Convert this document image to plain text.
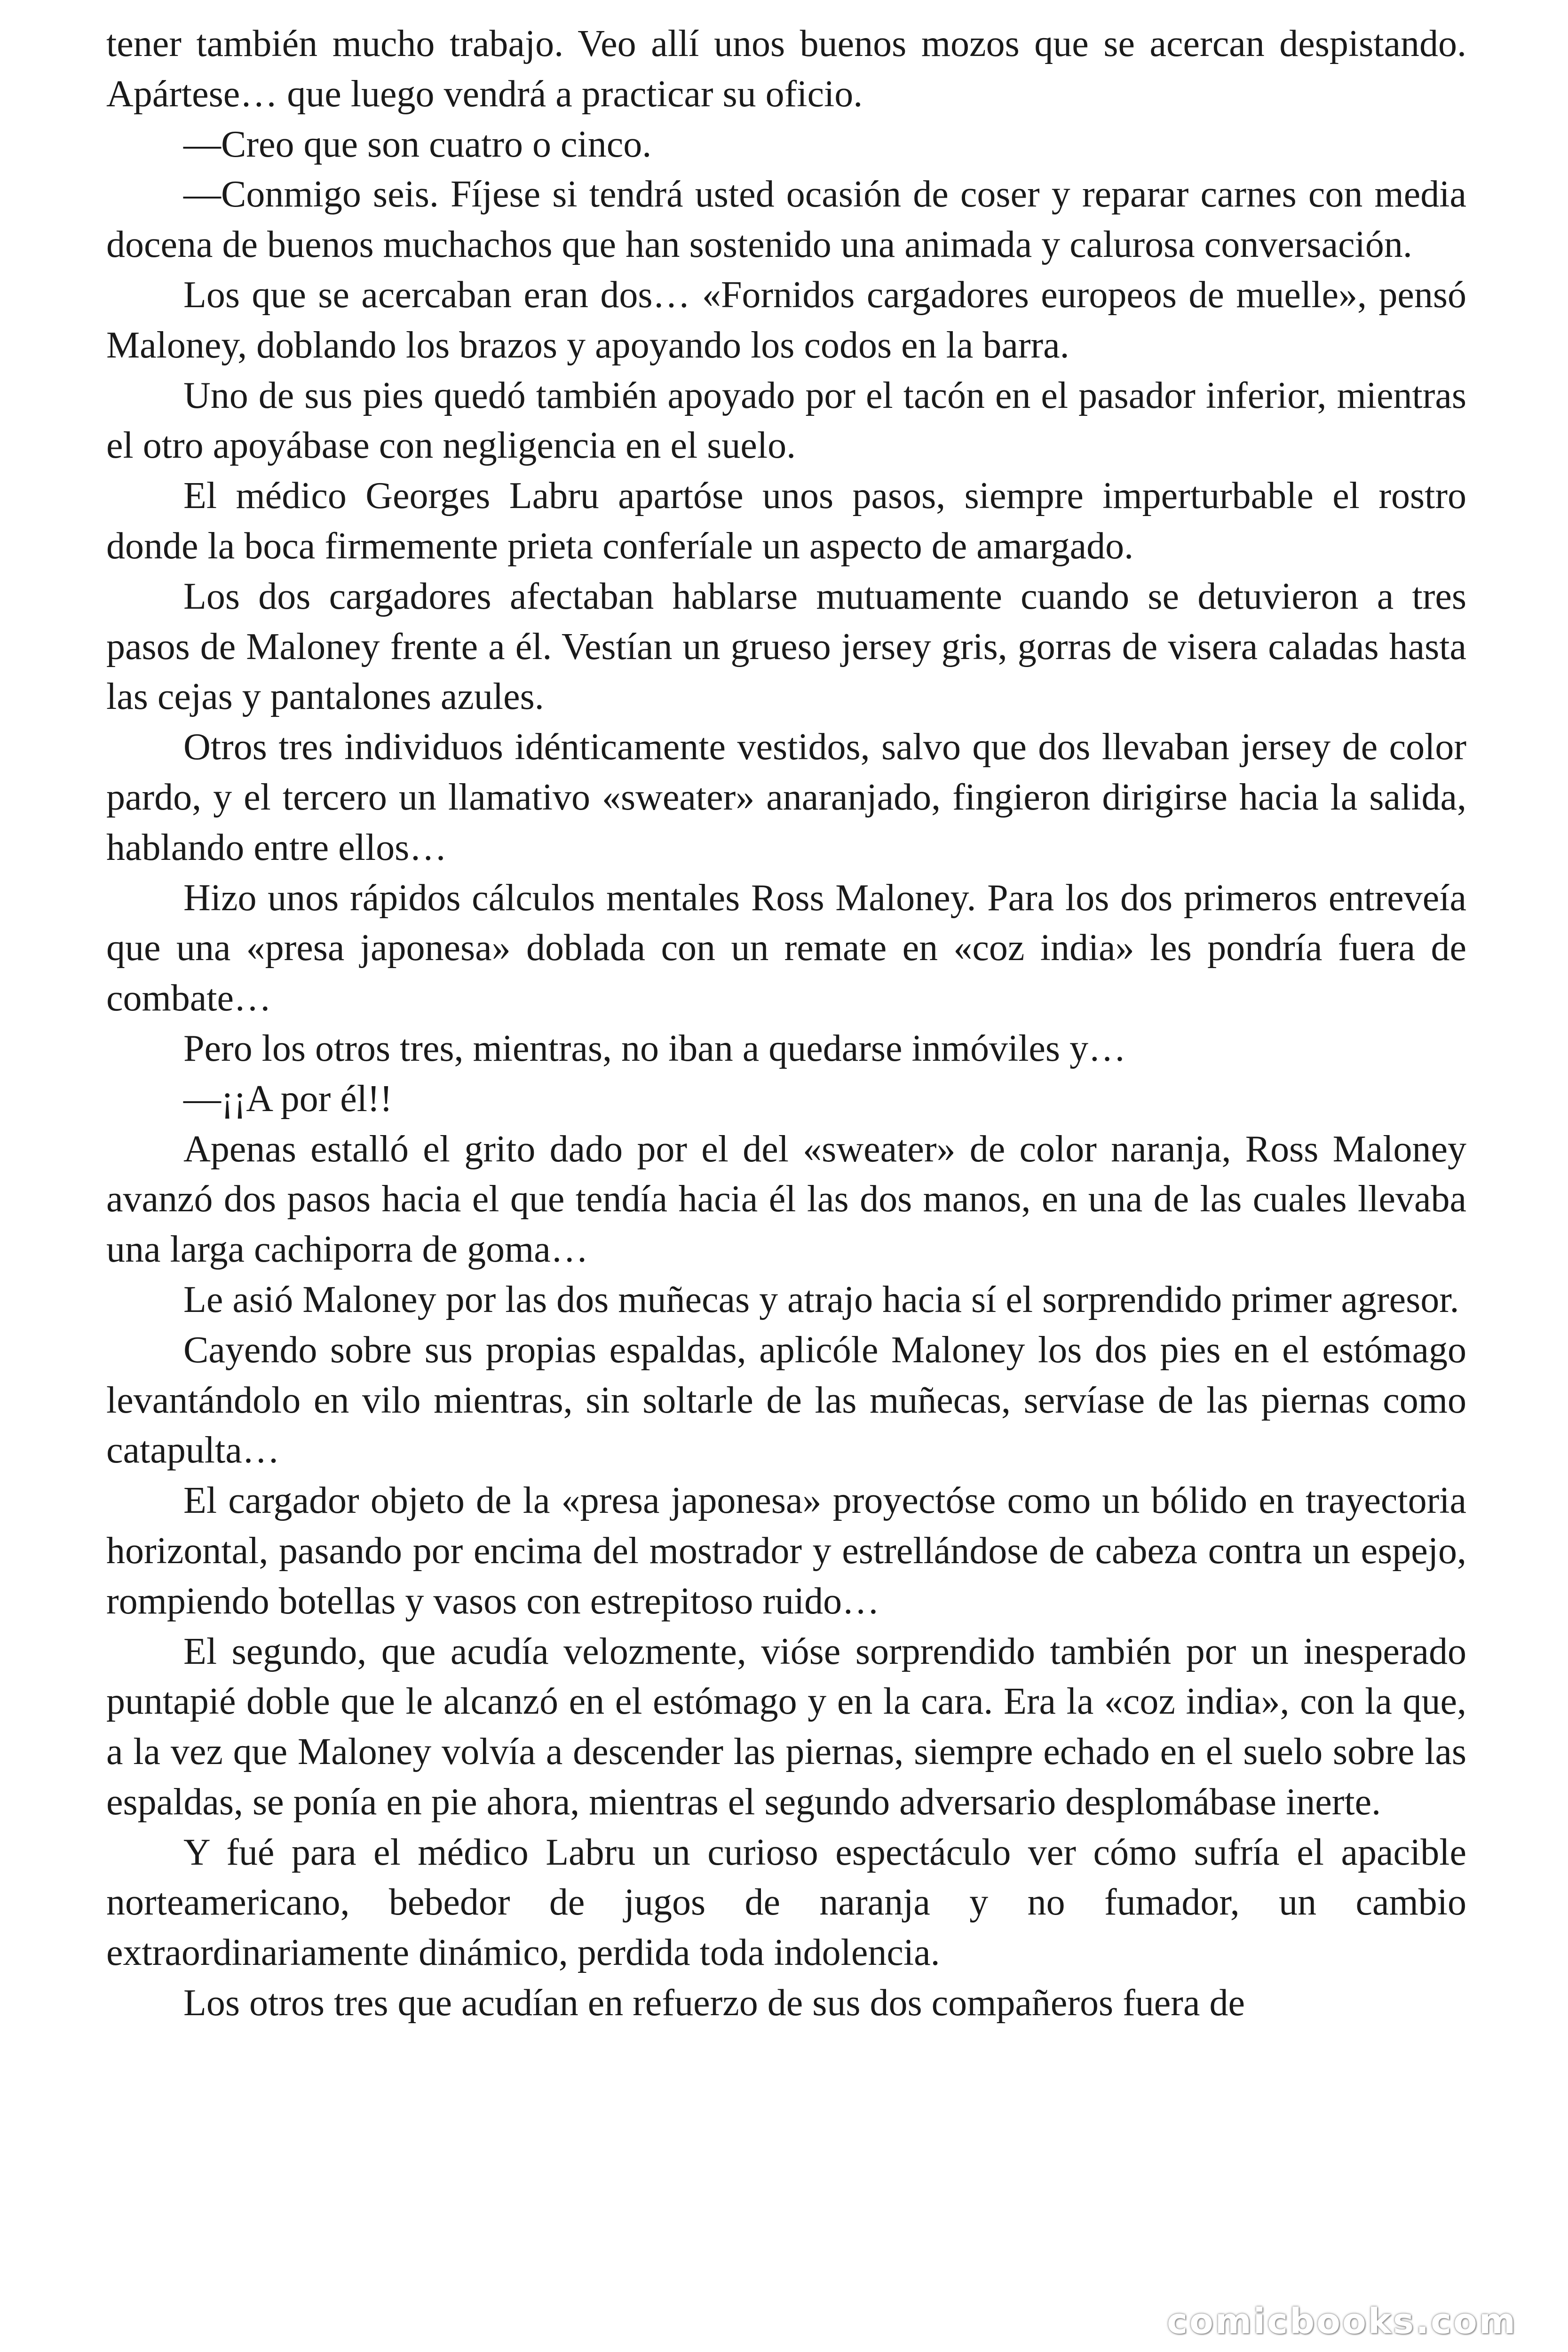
tener también mucho trabajo. Veo allí unos buenos mozos que se acercan despistando. Apártese… que luego vendrá a practicar su oficio.

—Creo que son cuatro o cinco.

—Conmigo seis. Fíjese si tendrá usted ocasión de coser y reparar carnes con media docena de buenos muchachos que han sostenido una animada y calurosa conversación.

Los que se acercaban eran dos… «Fornidos cargadores europeos de muelle», pensó Maloney, doblando los brazos y apoyando los codos en la barra.

Uno de sus pies quedó también apoyado por el tacón en el pasador inferior, mientras el otro apoyábase con negligencia en el suelo.

El médico Georges Labru apartóse unos pasos, siempre imperturbable el rostro donde la boca firmemente prieta conferíale un aspecto de amargado.

Los dos cargadores afectaban hablarse mutuamente cuando se detuvieron a tres pasos de Maloney frente a él. Vestían un grueso jersey gris, gorras de visera caladas hasta las cejas y pantalones azules.

Otros tres individuos idénticamente vestidos, salvo que dos llevaban jersey de color pardo, y el tercero un llamativo «sweater» anaranjado, fingieron dirigirse hacia la salida, hablando entre ellos…

Hizo unos rápidos cálculos mentales Ross Maloney. Para los dos primeros entreveía que una «presa japonesa» doblada con un remate en «coz india» les pondría fuera de combate…

Pero los otros tres, mientras, no iban a quedarse inmóviles y…

—¡¡A por él!!

Apenas estalló el grito dado por el del «sweater» de color naranja, Ross Maloney avanzó dos pasos hacia el que tendía hacia él las dos manos, en una de las cuales llevaba una larga cachiporra de goma…

Le asió Maloney por las dos muñecas y atrajo hacia sí el sorprendido primer agresor.

Cayendo sobre sus propias espaldas, aplicóle Maloney los dos pies en el estómago levantándolo en vilo mientras, sin soltarle de las muñecas, servíase de las piernas como catapulta…

El cargador objeto de la «presa japonesa» proyectóse como un bólido en trayectoria horizontal, pasando por encima del mostrador y estrellándose de cabeza contra un espejo, rompiendo botellas y vasos con estrepitoso ruido…

El segundo, que acudía velozmente, vióse sorprendido también por un inesperado puntapié doble que le alcanzó en el estómago y en la cara. Era la «coz india», con la que, a la vez que Maloney volvía a descender las piernas, siempre echado en el suelo sobre las espaldas, se ponía en pie ahora, mientras el segundo adversario desplomábase inerte.

Y fué para el médico Labru un curioso espectáculo ver cómo sufría el apacible norteamericano, bebedor de jugos de naranja y no fumador, un cambio extraordinariamente dinámico, perdida toda indolencia.

Los otros tres que acudían en refuerzo de sus dos compañeros fuera de

comicbooks.com
